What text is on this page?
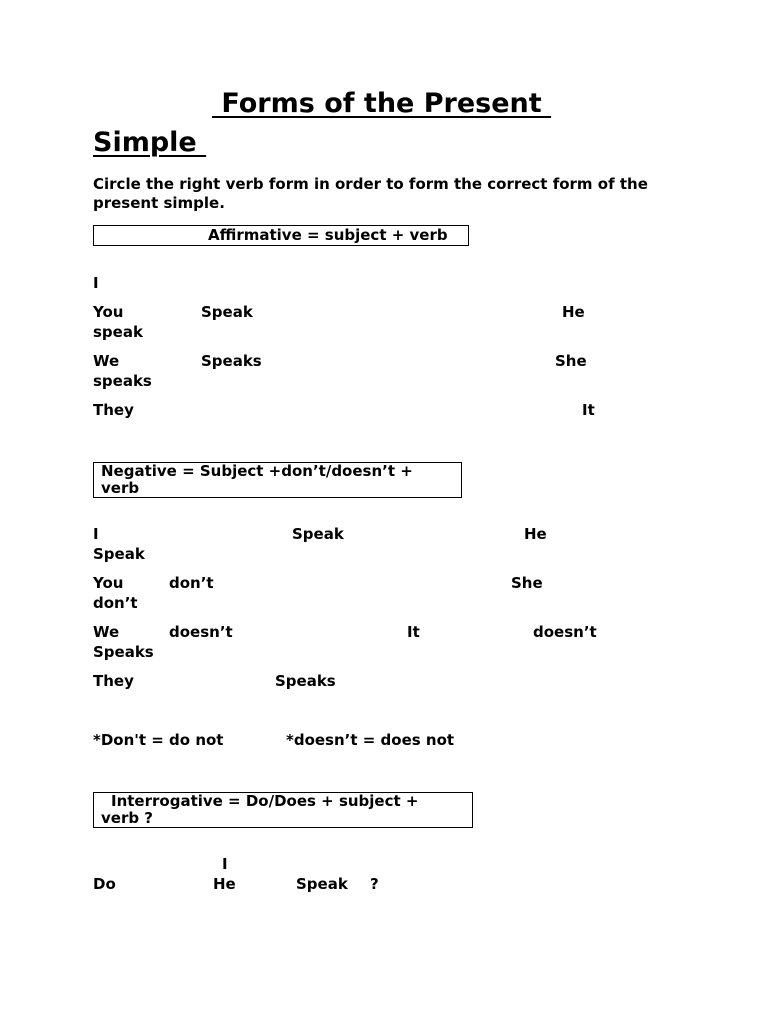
Forms of the Present
Simple
Circle the right verb form in order to form the correct form of the
present simple.
Affirmative = subject + verb
I
You	Speak	He
speak
We	Speaks	She
speaks
They	It
Negative = Subject +don’t/doesn’t +
verb
I	Speak	He
Speak
You	don’t	She
don’t
We	doesn’t	It	doesn’t
Speaks
They	Speaks
*Don't = do not	*doesn’t = does not
Interrogative = Do/Does + subject +
verb ?
I
Do	He	Speak ?
